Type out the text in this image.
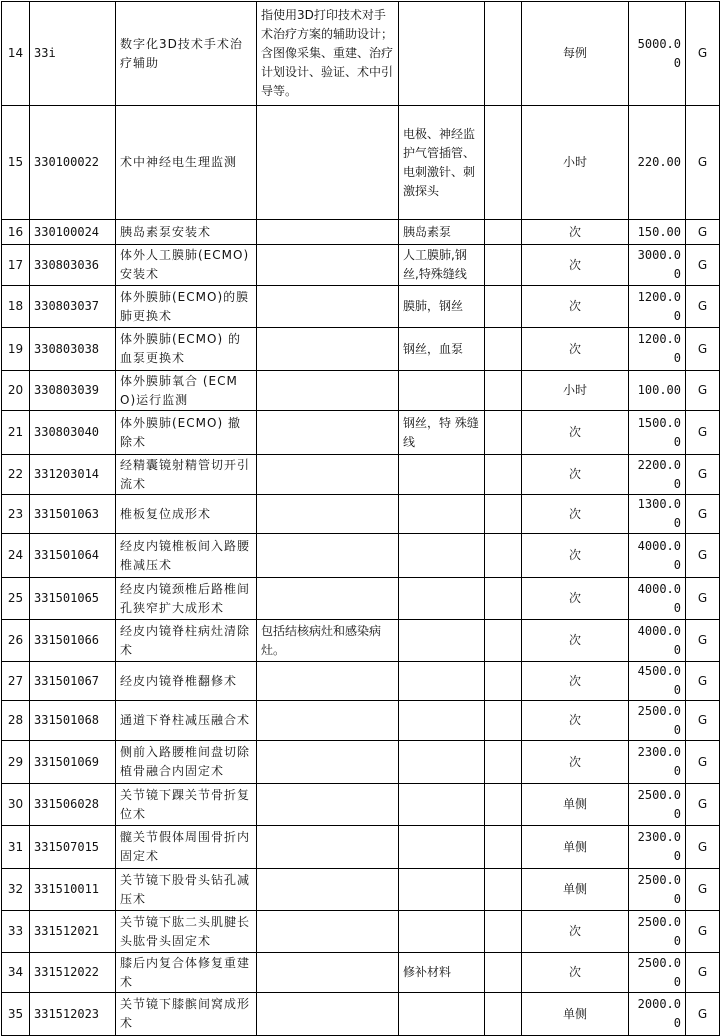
14	33i	数字化3D技术手术治疗辅助	指使用3D打印技术对手术治疗方案的辅助设计；含图像采集、重建、治疗计划设计、验证、术中引导等。			每例	5000.00	G
15	330100022	术中神经电生理监测		电极、神经监护气管插管、电刺激针、刺激探头		小时	220.00	G
16	330100024	胰岛素泵安装术		胰岛素泵		次	150.00	G
17	330803036	体外人工膜肺(ECMO)安装术		人工膜肺,钢丝,特殊缝线		次	3000.00	G
18	330803037	体外膜肺(ECMO)的膜肺更换术		膜肺，钢丝		次	1200.00	G
19	330803038	体外膜肺(ECMO) 的血泵更换术		钢丝，血泵		次	1200.00	G
20	330803039	体外膜肺氧合 (ECMO)运行监测				小时	100.00	G
21	330803040	体外膜肺(ECMO) 撤除术		钢丝，特 殊缝线		次	1500.00	G
22	331203014	经精囊镜射精管切开引流术				次	2200.00	G
23	331501063	椎板复位成形术				次	1300.00	G
24	331501064	经皮内镜椎板间入路腰椎减压术				次	4000.00	G
25	331501065	经皮内镜颈椎后路椎间孔狭窄扩大成形术				次	4000.00	G
26	331501066	经皮内镜脊柱病灶清除术	包括结核病灶和感染病灶。			次	4000.00	G
27	331501067	经皮内镜脊椎翻修术				次	4500.00	G
28	331501068	通道下脊柱减压融合术				次	2500.00	G
29	331501069	侧前入路腰椎间盘切除植骨融合内固定术				次	2300.00	G
30	331506028	关节镜下踝关节骨折复位术				单侧	2500.00	G
31	331507015	髋关节假体周围骨折内固定术				单侧	2300.00	G
32	331510011	关节镜下股骨头钻孔减压术				单侧	2500.00	G
33	331512021	关节镜下肱二头肌腱长头肱骨头固定术				次	2500.00	G
34	331512022	膝后内复合体修复重建术		修补材料		次	2500.00	G
35	331512023	关节镜下膝髌间窝成形术				单侧	2000.00	G
